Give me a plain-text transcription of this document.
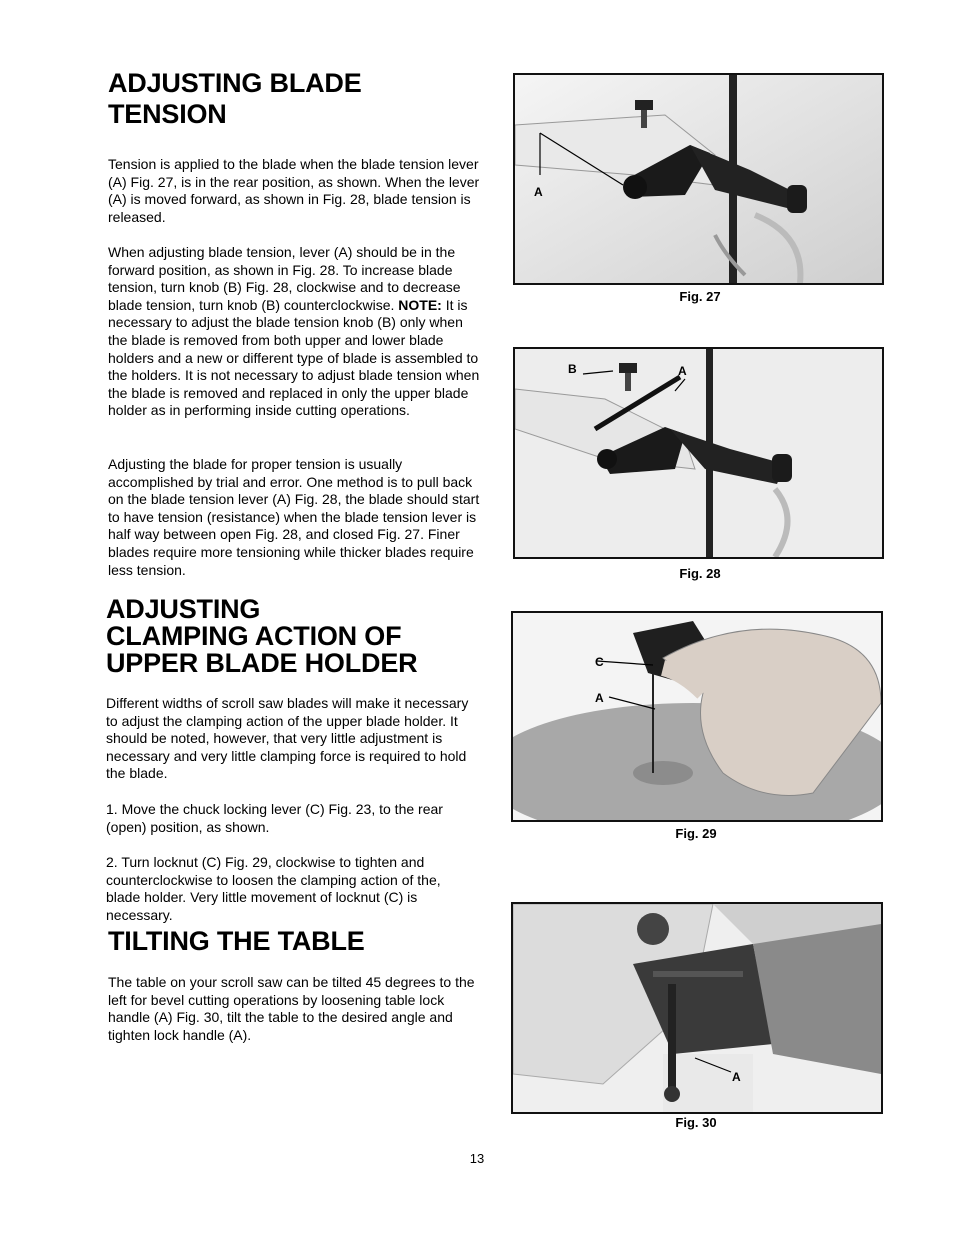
ADJUSTING BLADE
TENSION

Tension is applied to the blade when the blade tension lever (A) Fig. 27, is in the rear position, as shown. When the lever (A) is moved forward, as shown in Fig. 28, blade tension is released.

When adjusting blade tension, lever (A) should be in the forward position, as shown in Fig. 28. To increase blade tension, turn knob (B) Fig. 28, clockwise and to decrease blade tension, turn knob (B) counterclockwise. NOTE: It is necessary to adjust the blade tension knob (B) only when the blade is removed from both upper and lower blade holders and a new or different type of blade is assembled to the holders. It is not necessary to adjust blade tension when the blade is removed and replaced in only the upper blade holder as in performing inside cutting operations.

Adjusting the blade for proper tension is usually accomplished by trial and error. One method is to pull back on the blade tension lever (A) Fig. 28, the blade should start to have tension (resistance) when the blade tension lever is half way between open Fig. 28, and closed Fig. 27. Finer blades require more tensioning while thicker blades require less tension.

ADJUSTING
CLAMPING ACTION OF
UPPER BLADE HOLDER

Different widths of scroll saw blades will make it necessary to adjust the clamping action of the upper blade holder. It should be noted, however, that very little adjustment is necessary and very little clamping force is required to hold the blade.

1. Move the chuck locking lever (C) Fig. 23, to the rear (open) position, as shown.

2. Turn locknut (C) Fig. 29, clockwise to tighten and counterclockwise to loosen the clamping action of the, blade holder. Very little movement of locknut (C) is necessary.

TILTING THE TABLE

The table on your scroll saw can be tilted 45 degrees to the left for bevel cutting operations by loosening table lock handle (A) Fig. 30, tilt the table to the desired angle and tighten lock handle (A).

A
Fig. 27
B	A
Fig. 28
C
A
Fig. 29
A
Fig. 30
13
